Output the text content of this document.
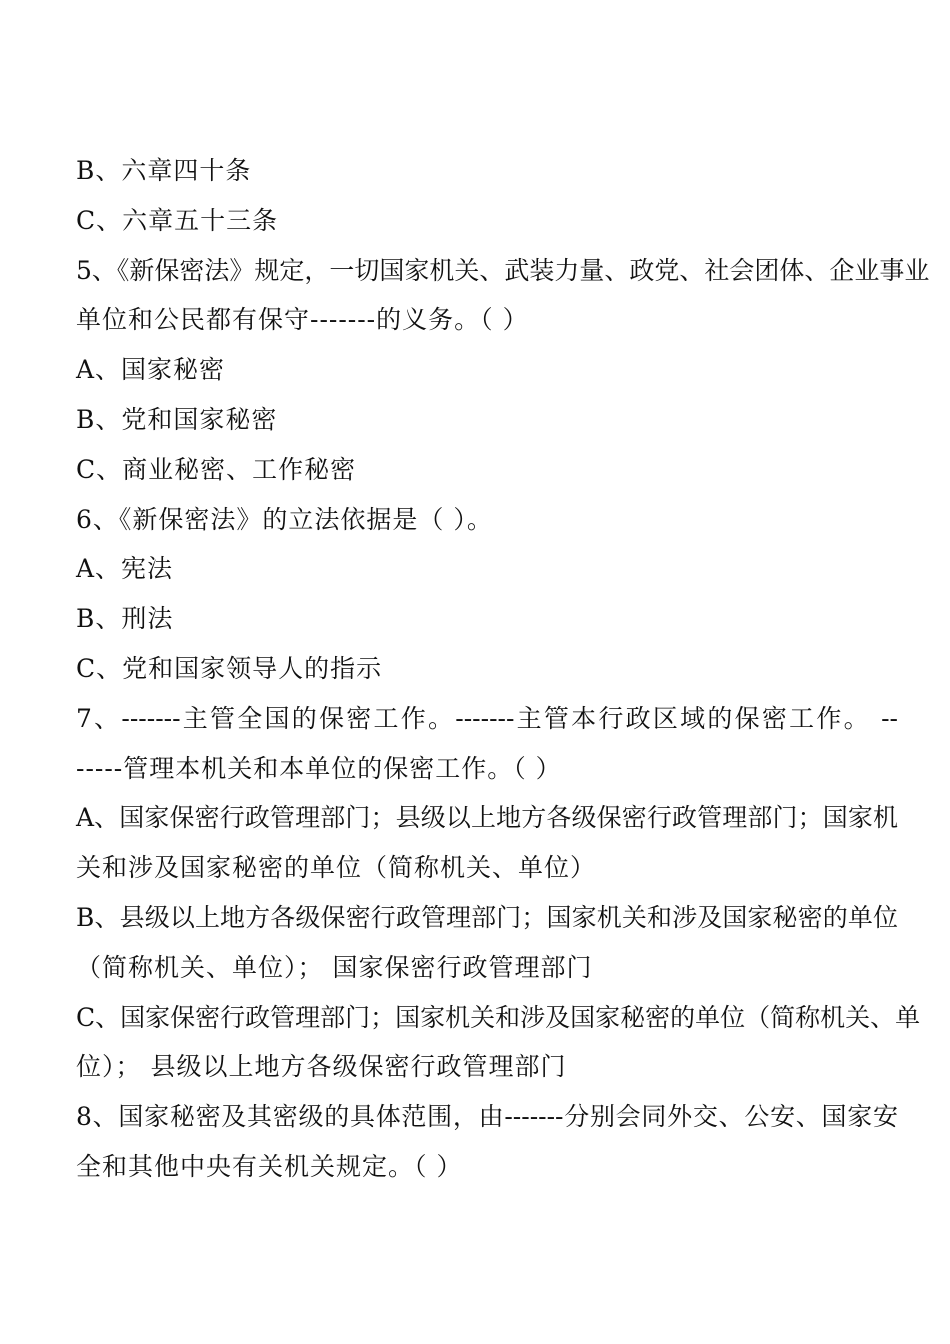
B、六章四十条
C、六章五十三条
5、《新保密法》规定，一切国家机关、武装力量、政党、社会团体、企业事业
单位和公民都有保守-------的义务。（ ）
A、国家秘密
B、党和国家秘密
C、商业秘密、工作秘密
6、《新保密法》的立法依据是（ ）。
A、宪法
B、刑法
C、党和国家领导人的指示
7、-------主管全国的保密工作。-------主管本行政区域的保密工作。 --
-----管理本机关和本单位的保密工作。（ ）
A、国家保密行政管理部门；县级以上地方各级保密行政管理部门；国家机
关和涉及国家秘密的单位（简称机关、单位）
B、县级以上地方各级保密行政管理部门；国家机关和涉及国家秘密的单位
（简称机关、单位）； 国家保密行政管理部门
C、国家保密行政管理部门；国家机关和涉及国家秘密的单位（简称机关、单
位）； 县级以上地方各级保密行政管理部门
8、国家秘密及其密级的具体范围，由-------分别会同外交、公安、国家安
全和其他中央有关机关规定。（ ）
